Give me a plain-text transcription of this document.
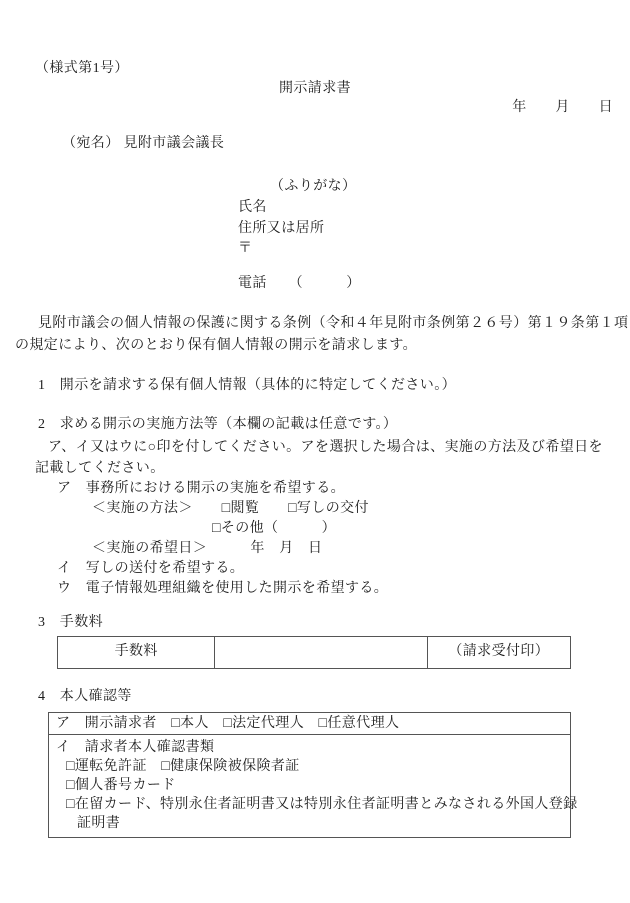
（様式第1号）
開示請求書
年　　月　　日
（宛名） 見附市議会議長
（ふりがな）
氏名
住所又は居所
〒
電話　　（　　　）
見附市議会の個人情報の保護に関する条例（令和４年見附市条例第２６号）第１９条第１項
の規定により、次のとおり保有個人情報の開示を請求します。
1　開示を請求する保有個人情報（具体的に特定してください。）
2　求める開示の実施方法等（本欄の記載は任意です。）
ア、イ又はウに○印を付してください。アを選択した場合は、実施の方法及び希望日を
記載してください。
ア　事務所における開示の実施を希望する。
＜実施の方法＞　　□閲覧　　□写しの交付
□その他（　　　）
＜実施の希望日＞　　　年　月　日
イ　写しの送付を希望する。
ウ　電子情報処理組織を使用した開示を希望する。
3　手数料
手数料	（請求受付印）
4　本人確認等
ア　開示請求者　□本人　□法定代理人　□任意代理人
イ　請求者本人確認書類
□運転免許証　□健康保険被保険者証
□個人番号カード
□在留カード、特別永住者証明書又は特別永住者証明書とみなされる外国人登録
証明書
